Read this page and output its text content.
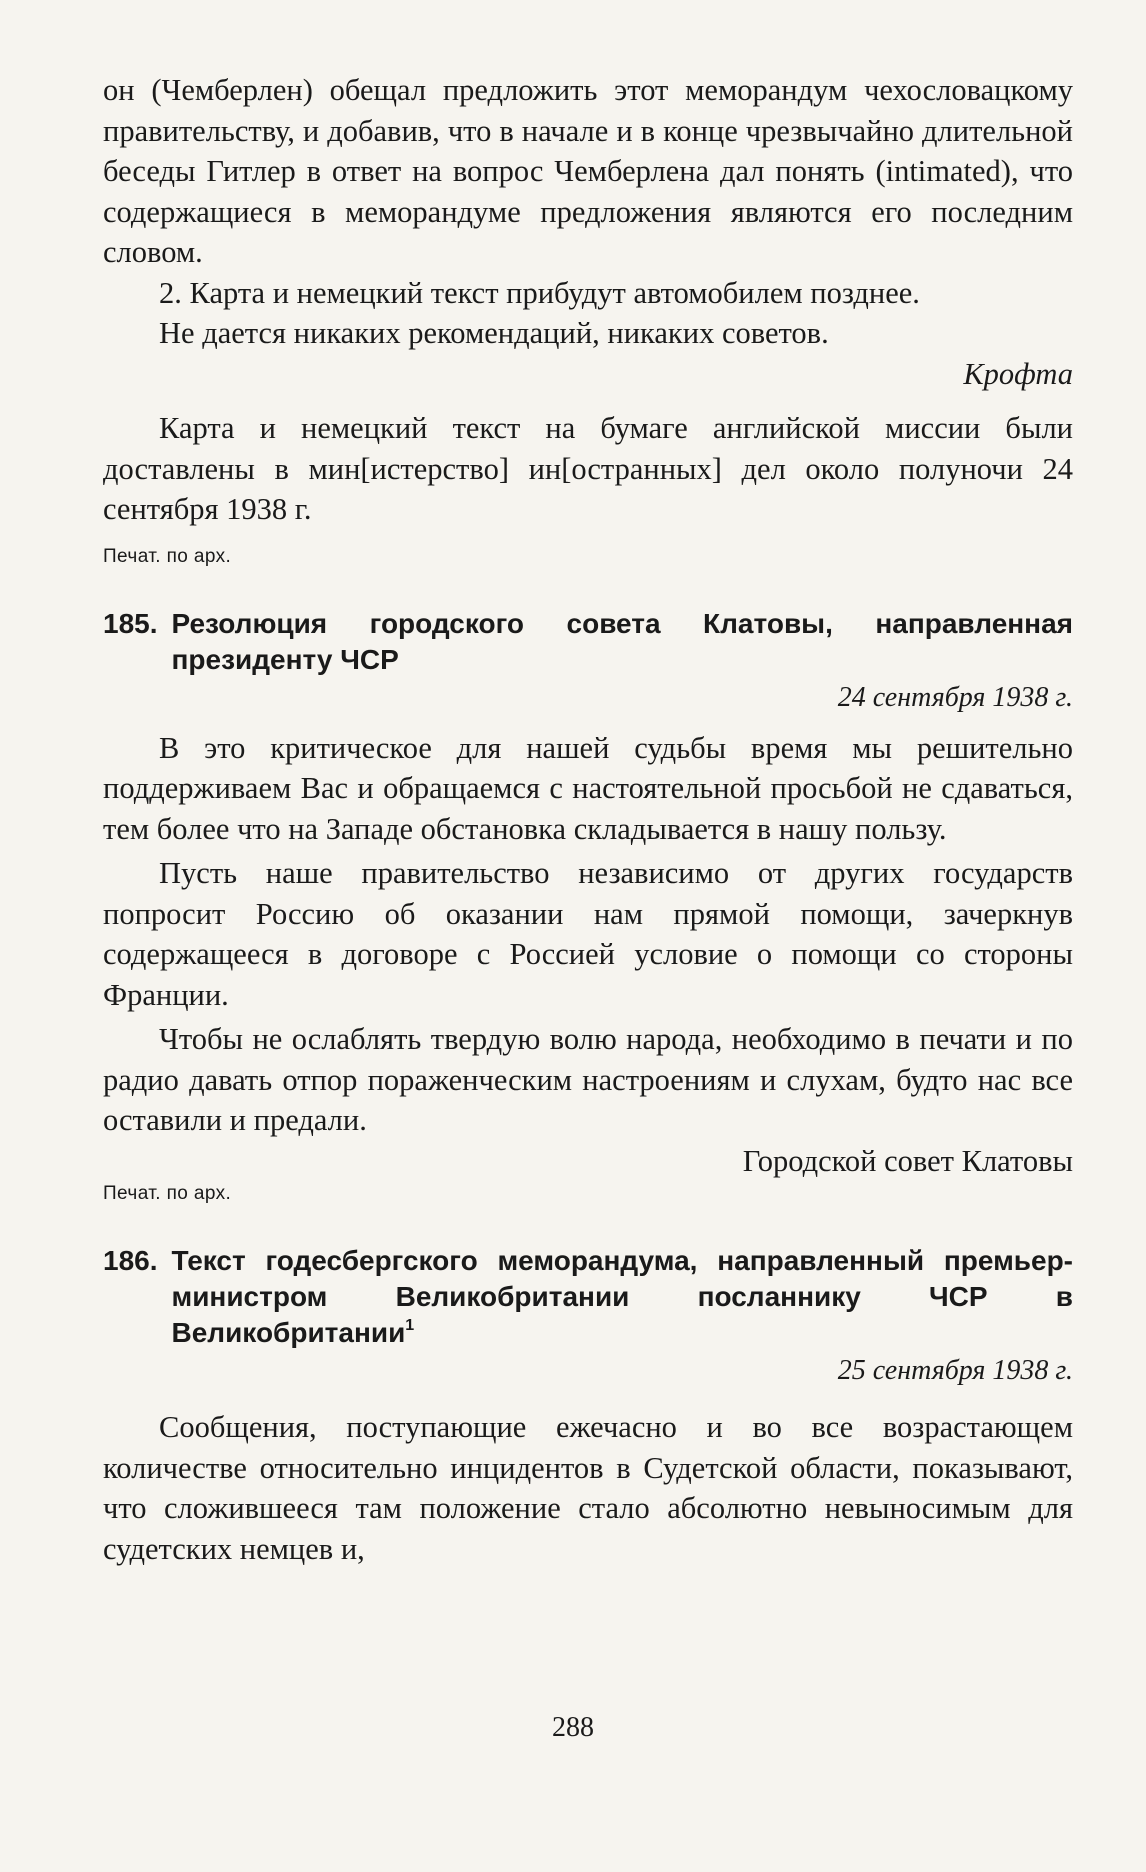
он (Чемберлен) обещал предложить этот меморандум чехословацкому правительству, и добавив, что в начале и в конце чрезвычайно длительной беседы Гитлер в ответ на вопрос Чемберлена дал понять (intimated), что содержащиеся в меморандуме предложения являются его последним словом.

2. Карта и немецкий текст прибудут автомобилем позднее.

Не дается никаких рекомендаций, никаких советов.

Крофта

Карта и немецкий текст на бумаге английской миссии были доставлены в мин[истерство] ин[остранных] дел около полуночи 24 сентября 1938 г.

Печат. по арх.

185. Резолюция городского совета Клатовы, направленная президенту ЧСР

24 сентября 1938 г.

В это критическое для нашей судьбы время мы решительно поддерживаем Вас и обращаемся с настоятельной просьбой не сдаваться, тем более что на Западе обстановка складывается в нашу пользу.

Пусть наше правительство независимо от других государств попросит Россию об оказании нам прямой помощи, зачеркнув содержащееся в договоре с Россией условие о помощи со стороны Франции.

Чтобы не ослаблять твердую волю народа, необходимо в печати и по радио давать отпор пораженческим настроениям и слухам, будто нас все оставили и предали.

Городской совет Клатовы

Печат. по арх.

186. Текст годесбергского меморандума, направленный премьер-министром Великобритании посланнику ЧСР в Великобритании$^1$

25 сентября 1938 г.

Сообщения, поступающие ежечасно и во все возрастающем количестве относительно инцидентов в Судетской области, показывают, что сложившееся там положение стало абсолютно невыносимым для судетских немцев и,

288
